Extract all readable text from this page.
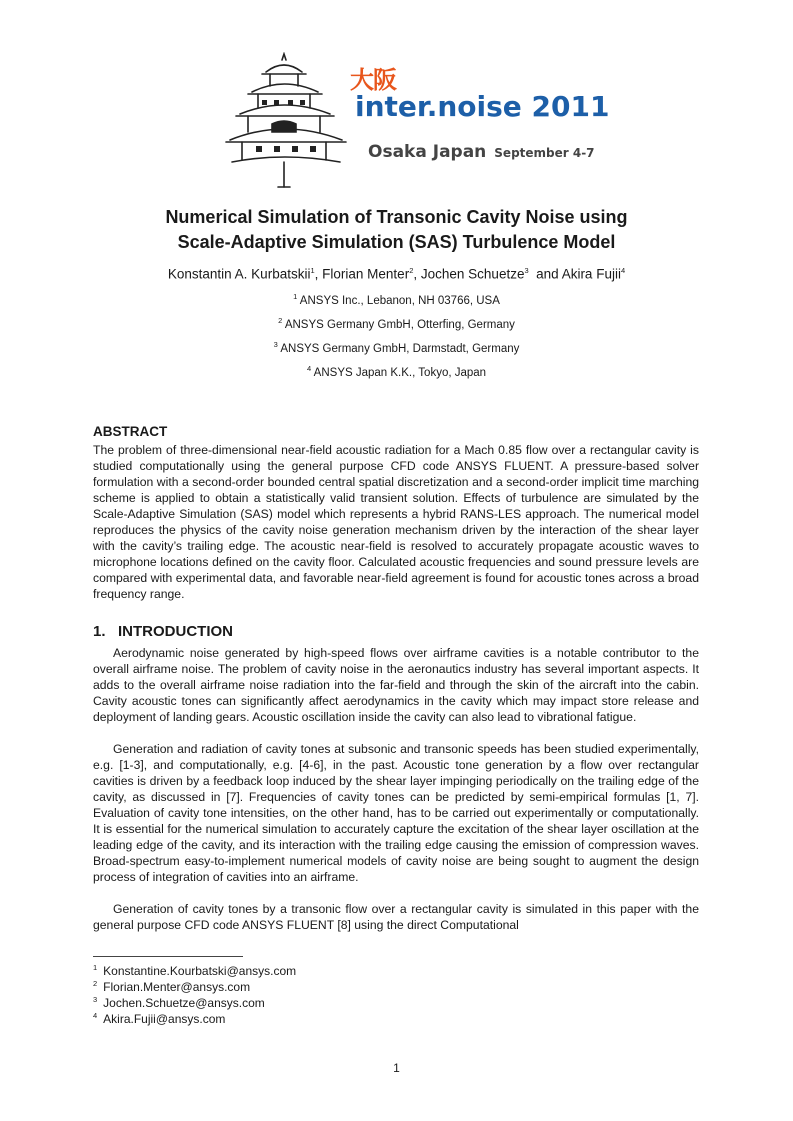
大阪
inter.noise 2011
Osaka Japan September 4-7
Numerical Simulation of Transonic Cavity Noise using
Scale-Adaptive Simulation (SAS) Turbulence Model
Konstantin A. Kurbatskii$^1$, Florian Menter$^2$, Jochen Schuetze$^3$  and Akira Fujii$^4$
$^1$ ANSYS Inc., Lebanon, NH 03766, USA
$^2$ ANSYS Germany GmbH, Otterfing, Germany
$^3$ ANSYS Germany GmbH, Darmstadt, Germany
$^4$ ANSYS Japan K.K., Tokyo, Japan
ABSTRACT

The problem of three-dimensional near-field acoustic radiation for a Mach 0.85 flow over a rectangular cavity is studied computationally using the general purpose CFD code ANSYS FLUENT. A pressure-based solver formulation with a second-order bounded central spatial discretization and a second-order implicit time marching scheme is applied to obtain a statistically valid transient solution. Effects of turbulence are simulated by the Scale-Adaptive Simulation (SAS) model which represents a hybrid RANS-LES approach. The numerical model reproduces the physics of the cavity noise generation mechanism driven by the interaction of the shear layer with the cavity’s trailing edge. The acoustic near-field is resolved to accurately propagate acoustic waves to microphone locations defined on the cavity floor. Calculated acoustic frequencies and sound pressure levels are compared with experimental data, and favorable near-field agreement is found for acoustic tones across a broad frequency range.

1.   INTRODUCTION

Aerodynamic noise generated by high-speed flows over airframe cavities is a notable contributor to the overall airframe noise. The problem of cavity noise in the aeronautics industry has several important aspects. It adds to the overall airframe noise radiation into the far-field and through the skin of the aircraft into the cabin. Cavity acoustic tones can significantly affect aerodynamics in the cavity which may impact store release and deployment of landing gears. Acoustic oscillation inside the cavity can also lead to vibrational fatigue.

Generation and radiation of cavity tones at subsonic and transonic speeds has been studied experimentally, e.g. [1-3], and computationally, e.g. [4-6], in the past. Acoustic tone generation by a flow over rectangular cavities is driven by a feedback loop induced by the shear layer impinging periodically on the trailing edge of the cavity, as discussed in [7]. Frequencies of cavity tones can be predicted by semi-empirical formulas [1, 7]. Evaluation of cavity tone intensities, on the other hand, has to be carried out experimentally or computationally. It is essential for the numerical simulation to accurately capture the excitation of the shear layer oscillation at the leading edge of the cavity, and its interaction with the trailing edge causing the emission of compression waves. Broad-spectrum easy-to-implement numerical models of cavity noise are being sought to augment the design process of integration of cavities into an airframe.

Generation of cavity tones by a transonic flow over a rectangular cavity is simulated in this paper with the general purpose CFD code ANSYS FLUENT [8] using the direct Computational

$^1$ Konstantine.Kourbatski@ansys.com
$^2$ Florian.Menter@ansys.com
$^3$ Jochen.Schuetze@ansys.com
$^4$ Akira.Fujii@ansys.com
1
